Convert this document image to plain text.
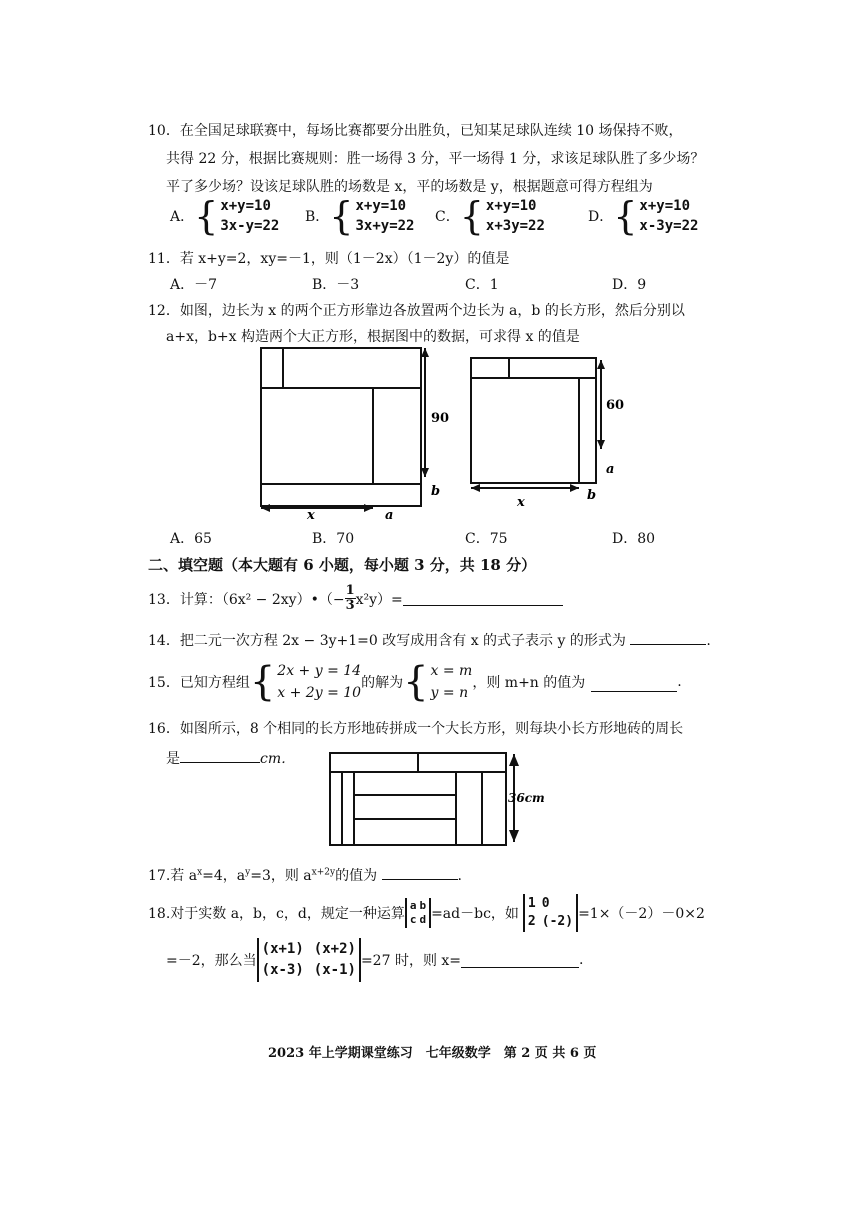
10．在全国足球联赛中，每场比赛都要分出胜负，已知某足球队连续 10 场保持不败，
共得 22 分，根据比赛规则：胜一场得 3 分，平一场得 1 分，求该足球队胜了多少场？
平了多少场？设该足球队胜的场数是 x，平的场数是 y，根据题意可得方程组为
A． { x+y=10
3x-y=22
B． { x+y=10
3x+y=22
C． { x+y=10
x+3y=22
D． { x+y=10
x-3y=22
11．若 x+y=2，xy=－1，则（1－2x）（1－2y）的值是
A．－7	B．－3	C．1	D．9
12．如图，边长为 x 的两个正方形靠边各放置两个边长为 a，b 的长方形，然后分别以
a+x，b+x 构造两个大正方形，根据图中的数据，可求得 x 的值是
90
b
x	a
60
a
b
x
A．65	B．70	C．75	D．80
二、填空题（本大题有 6 小题，每小题 3 分，共 18 分）
13．计算：（6x² − 2xy）•（− $\frac{1}{3} x^2y)=$
14．把二元一次方程 2x − 3y+1=0 改写成用含有 x 的式子表示 y 的形式为	.
15．已知方程组 { 2x + y = 14
x + 2y = 10
的解为 { x = m
y = n
，则 m+n 的值为	.
16．如图所示，8 个相同的长方形地砖拼成一个大长方形，则每块小长方形地砖的周长
是	cm．
36cm
17.若 $a^x=4$，$a^y=3$，则 $a^{x+2y}$的值为	.
18.对于实数 a，b，c，d，规定一种运算
a b
c d =ad－bc，如
1 0
2 (-2) =1×（－2）－0×2
=－2，那么当
(x+1) (x+2)
(x-3) (x-1)
=27 时，则 x=	.
2023 年上学期课堂练习　七年级数学　第 2 页 共 6 页
